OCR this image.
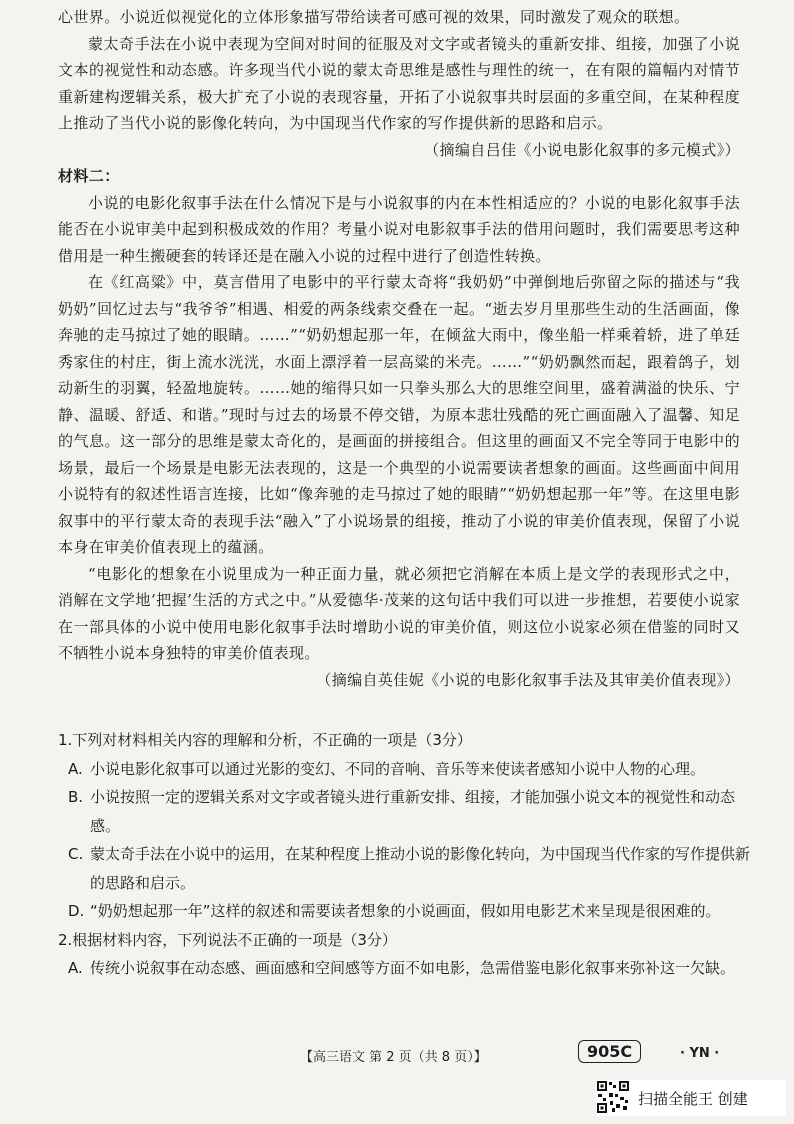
心世界。小说近似视觉化的立体形象描写带给读者可感可视的效果，同时激发了观众的联想。

蒙太奇手法在小说中表现为空间对时间的征服及对文字或者镜头的重新安排、组接，加强了小说文本的视觉性和动态感。许多现当代小说的蒙太奇思维是感性与理性的统一，在有限的篇幅内对情节重新建构逻辑关系，极大扩充了小说的表现容量，开拓了小说叙事共时层面的多重空间，在某种程度上推动了当代小说的影像化转向，为中国现当代作家的写作提供新的思路和启示。

（摘编自吕佳《小说电影化叙事的多元模式》）

材料二：

小说的电影化叙事手法在什么情况下是与小说叙事的内在本性相适应的？小说的电影化叙事手法能否在小说审美中起到积极成效的作用？考量小说对电影叙事手法的借用问题时，我们需要思考这种借用是一种生搬硬套的转译还是在融入小说的过程中进行了创造性转换。

在《红高粱》中，莫言借用了电影中的平行蒙太奇将“我奶奶”中弹倒地后弥留之际的描述与“我奶奶”回忆过去与“我爷爷”相遇、相爱的两条线索交叠在一起。“逝去岁月里那些生动的生活画面，像奔驰的走马掠过了她的眼睛。……”“奶奶想起那一年，在倾盆大雨中，像坐船一样乘着轿，进了单廷秀家住的村庄，街上流水洸洸，水面上漂浮着一层高粱的米壳。……”“奶奶飘然而起，跟着鸽子，划动新生的羽翼，轻盈地旋转。……她的缩得只如一只拳头那么大的思维空间里，盛着满溢的快乐、宁静、温暖、舒适、和谐。”现时与过去的场景不停交错，为原本悲壮残酷的死亡画面融入了温馨、知足的气息。这一部分的思维是蒙太奇化的，是画面的拼接组合。但这里的画面又不完全等同于电影中的场景，最后一个场景是电影无法表现的，这是一个典型的小说需要读者想象的画面。这些画面中间用小说特有的叙述性语言连接，比如“像奔驰的走马掠过了她的眼睛”“奶奶想起那一年”等。在这里电影叙事中的平行蒙太奇的表现手法“融入”了小说场景的组接，推动了小说的审美价值表现，保留了小说本身在审美价值表现上的蕴涵。

“电影化的想象在小说里成为一种正面力量，就必须把它消解在本质上是文学的表现形式之中，消解在文学地‘把握’生活的方式之中。”从爱德华·茂莱的这句话中我们可以进一步推想，若要使小说家在一部具体的小说中使用电影化叙事手法时增助小说的审美价值，则这位小说家必须在借鉴的同时又不牺牲小说本身独特的审美价值表现。

（摘编自英佳妮《小说的电影化叙事手法及其审美价值表现》）

1.下列对材料相关内容的理解和分析，不正确的一项是（3分）

A. 小说电影化叙事可以通过光影的变幻、不同的音响、音乐等来使读者感知小说中人物的心理。

B. 小说按照一定的逻辑关系对文字或者镜头进行重新安排、组接，才能加强小说文本的视觉性和动态感。

C. 蒙太奇手法在小说中的运用，在某种程度上推动小说的影像化转向，为中国现当代作家的写作提供新的思路和启示。

D. “奶奶想起那一年”这样的叙述和需要读者想象的小说画面，假如用电影艺术来呈现是很困难的。

2.根据材料内容，下列说法不正确的一项是（3分）

A. 传统小说叙事在动态感、画面感和空间感等方面不如电影，急需借鉴电影化叙事来弥补这一欠缺。

【高三语文 第 2 页（共 8 页）】	905C	· YN ·
扫描全能王 创建
